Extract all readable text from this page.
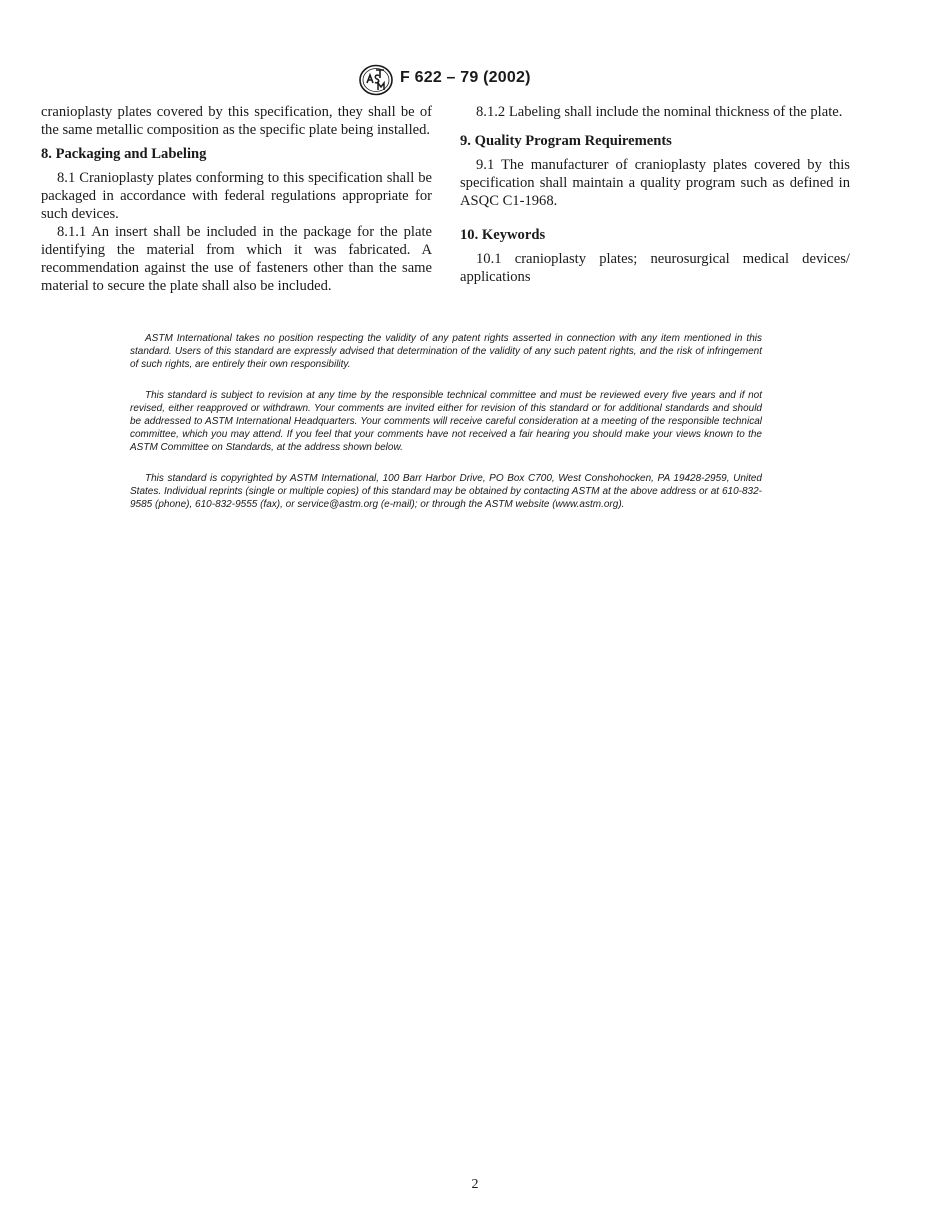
F 622 – 79 (2002)

cranioplasty plates covered by this specification, they shall be of the same metallic composition as the specific plate being installed.

8. Packaging and Labeling

8.1 Cranioplasty plates conforming to this specification shall be packaged in accordance with federal regulations appropriate for such devices.

8.1.1 An insert shall be included in the package for the plate identifying the material from which it was fabricated. A recommendation against the use of fasteners other than the same material to secure the plate shall also be included.

8.1.2 Labeling shall include the nominal thickness of the plate.

9. Quality Program Requirements

9.1 The manufacturer of cranioplasty plates covered by this specification shall maintain a quality program such as defined in ASQC C1-1968.

10. Keywords

10.1 cranioplasty plates; neurosurgical medical devices/ applications

ASTM International takes no position respecting the validity of any patent rights asserted in connection with any item mentioned in this standard. Users of this standard are expressly advised that determination of the validity of any such patent rights, and the risk of infringement of such rights, are entirely their own responsibility.

This standard is subject to revision at any time by the responsible technical committee and must be reviewed every five years and if not revised, either reapproved or withdrawn. Your comments are invited either for revision of this standard or for additional standards and should be addressed to ASTM International Headquarters. Your comments will receive careful consideration at a meeting of the responsible technical committee, which you may attend. If you feel that your comments have not received a fair hearing you should make your views known to the ASTM Committee on Standards, at the address shown below.

This standard is copyrighted by ASTM International, 100 Barr Harbor Drive, PO Box C700, West Conshohocken, PA 19428-2959, United States. Individual reprints (single or multiple copies) of this standard may be obtained by contacting ASTM at the above address or at 610-832-9585 (phone), 610-832-9555 (fax), or service@astm.org (e-mail); or through the ASTM website (www.astm.org).

2
